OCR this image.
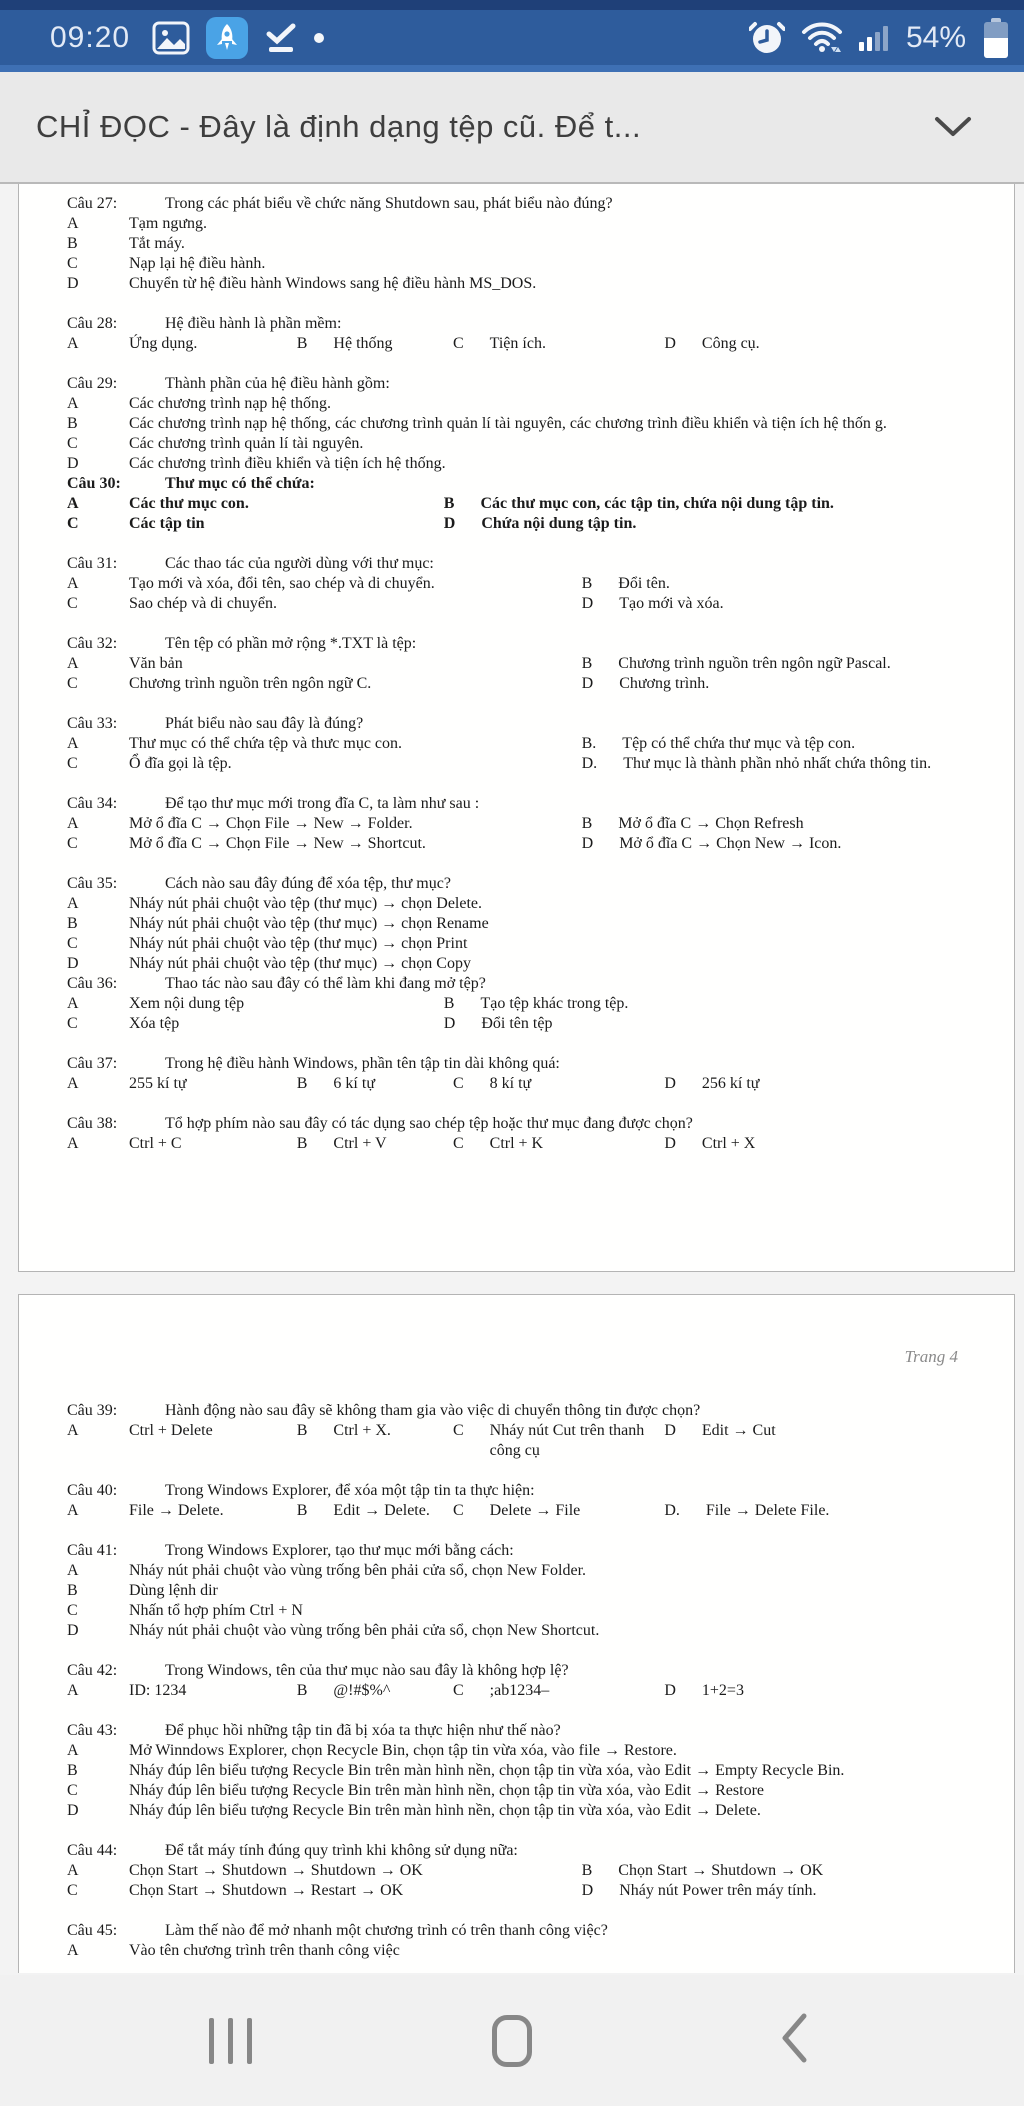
09:20	54%
CHỈ ĐỌC - Đây là định dạng tệp cũ. Để t...
Câu 27:	Trong các phát biểu về chức năng Shutdown sau, phát biểu nào đúng?
A	Tạm ngưng.
B	Tắt máy.
C	Nạp lại hệ điều hành.
D	Chuyển từ hệ điều hành Windows sang hệ điều hành MS_DOS.
Câu 28:	Hệ điều hành là phần mềm:
A	Ứng dụng.	B Hệ thống	C Tiện ích.	D Công cụ.
Câu 29:	Thành phần của hệ điều hành gồm:
A	Các chương trình nạp hệ thống.
B	Các chương trình nạp hệ thống, các chương trình quản lí tài nguyên, các chương trình điều khiển và tiện ích hệ thốn g.
C	Các chương trình quản lí tài nguyên.
D	Các chương trình điều khiển và tiện ích hệ thống.
Câu 30:	Thư mục có thể chứa:
A	Các thư mục con.	B Các thư mục con, các tập tin, chứa nội dung tập tin.
C	Các tập tin	D Chứa nội dung tập tin.
Câu 31:	Các thao tác của người dùng với thư mục:
A	Tạo mới và xóa, đổi tên, sao chép và di chuyển.	B Đổi tên.
C	Sao chép và di chuyển.	D Tạo mới và xóa.
Câu 32:	Tên tệp có phần mở rộng *.TXT là tệp:
A	Văn bản	B Chương trình nguồn trên ngôn ngữ Pascal.
C	Chương trình nguồn trên ngôn ngữ C.	D Chương trình.
Câu 33:	Phát biểu nào sau đây là đúng?
A	Thư mục có thể chứa tệp và thưc mục con.	B. Tệp có thể chứa thư mục và tệp con.
C	Ổ đĩa gọi là tệp.	D. Thư mục là thành phần nhỏ nhất chứa thông tin.
Câu 34:	Để tạo thư mục mới trong đĩa C, ta làm như sau :
A	Mở ổ đĩa C → Chọn File → New → Folder.	B Mở ổ đĩa C → Chọn Refresh
C	Mở ổ đĩa C → Chọn File → New → Shortcut.	D Mở ổ đĩa C → Chọn New → Icon.
Câu 35:	Cách nào sau đây đúng để xóa tệp, thư mục?
A	Nháy nút phải chuột vào tệp (thư mục) → chọn Delete.
B	Nháy nút phải chuột vào tệp (thư mục) → chọn Rename
C	Nháy nút phải chuột vào tệp (thư mục) → chọn Print
D	Nháy nút phải chuột vào tệp (thư mục) → chọn Copy
Câu 36:	Thao tác nào sau đây có thể làm khi đang mở tệp?
A	Xem nội dung tệp	B Tạo tệp khác trong tệp.
C	Xóa tệp	D Đổi tên tệp
Câu 37:	Trong hệ điều hành Windows, phần tên tập tin dài không quá:
A	255 kí tự	B 6 kí tự	C 8 kí tự	D 256 kí tự
Câu 38:	Tổ hợp phím nào sau đây có tác dụng sao chép tệp hoặc thư mục đang được chọn?
A	Ctrl + C	B Ctrl + V	C Ctrl + K	D Ctrl + X
Trang 4
Câu 39:	Hành động nào sau đây sẽ không tham gia vào việc di chuyển thông tin được chọn?
A	Ctrl + Delete	B Ctrl + X.	C Nháy nút Cut trên thanh công cụ
D Edit → Cut
Câu 40:	Trong Windows Explorer, để xóa một tập tin ta thực hiện:
A	File → Delete.	B Edit → Delete. C Delete → File	D. File → Delete File.
Câu 41:	Trong Windows Explorer, tạo thư mục mới bằng cách:
A	Nháy nút phải chuột vào vùng trống bên phải cửa sổ, chọn New Folder.
B	Dùng lệnh dir
C	Nhấn tổ hợp phím Ctrl + N
D	Nháy nút phải chuột vào vùng trống bên phải cửa sổ, chọn New Shortcut.
Câu 42:	Trong Windows, tên của thư mục nào sau đây là không hợp lệ?
A	ID: 1234	B @!#$%^	C ;ab1234–	D 1+2=3
Câu 43:	Để phục hồi những tập tin đã bị xóa ta thực hiện như thế nào?
A	Mở Winndows Explorer, chọn Recycle Bin, chọn tập tin vừa xóa, vào file → Restore.
B	Nháy đúp lên biểu tượng Recycle Bin trên màn hình nền, chọn tập tin vừa xóa, vào Edit → Empty Recycle Bin.
C	Nháy đúp lên biểu tượng Recycle Bin trên màn hình nền, chọn tập tin vừa xóa, vào Edit → Restore
D	Nháy đúp lên biểu tượng Recycle Bin trên màn hình nền, chọn tập tin vừa xóa, vào Edit → Delete.
Câu 44:	Để tắt máy tính đúng quy trình khi không sử dụng nữa:
A	Chọn Start → Shutdown → Shutdown → OK	B Chọn Start → Shutdown → OK
C	Chọn Start → Shutdown → Restart → OK	D Nháy nút Power trên máy tính.
Câu 45:	Làm thế nào để mở nhanh một chương trình có trên thanh công việc?
A	Vào tên chương trình trên thanh công việc
